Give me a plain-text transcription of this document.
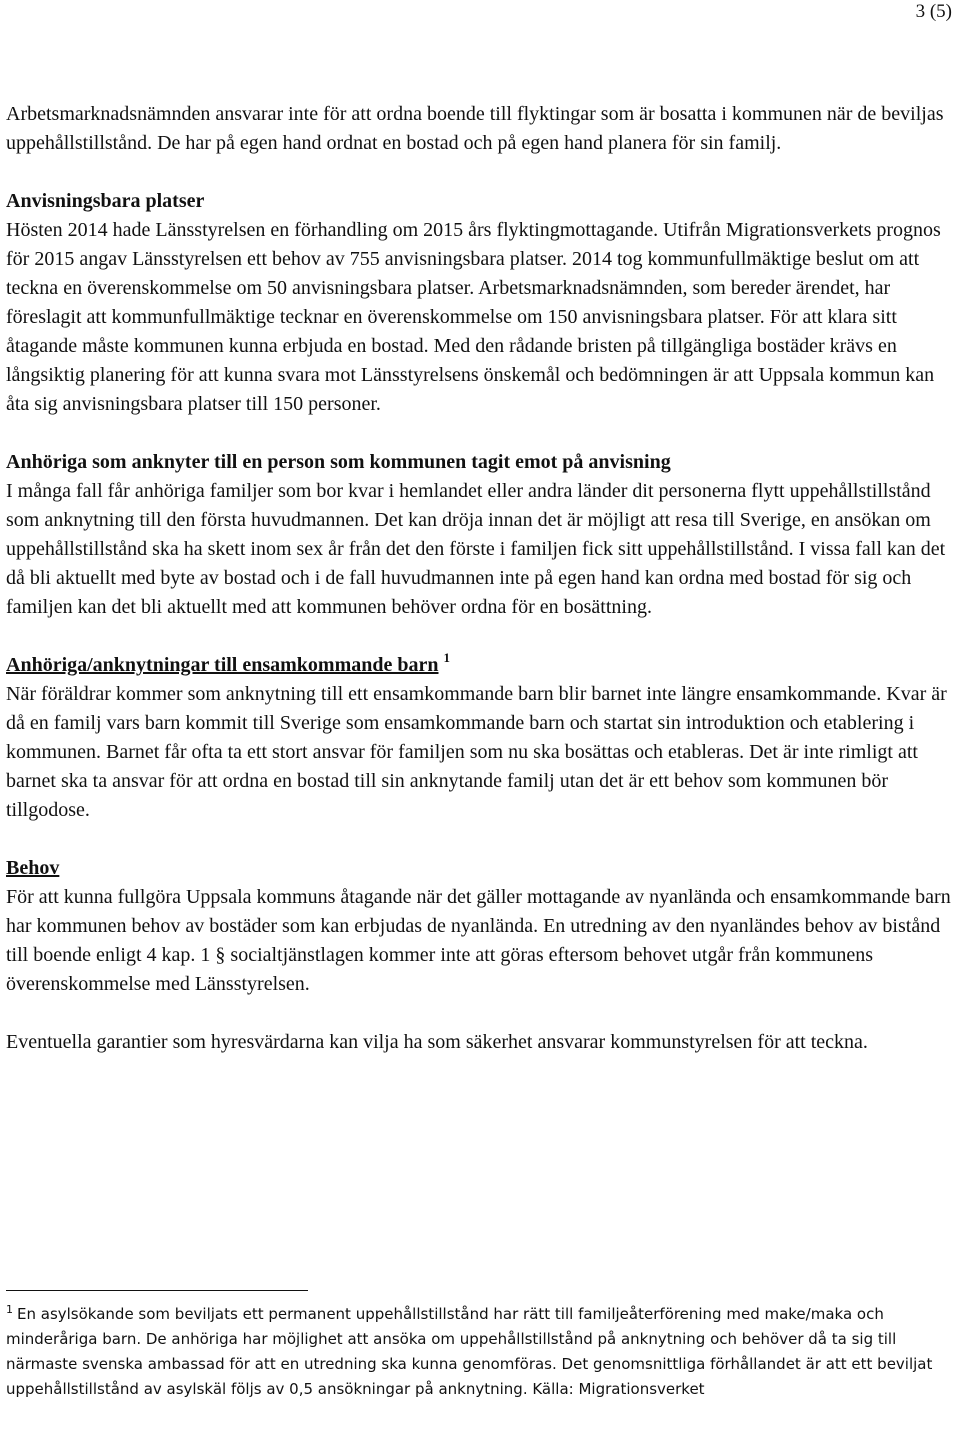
3 (5)

Arbetsmarknadsnämnden ansvarar inte för att ordna boende till flyktingar som är bosatta i kommunen när de beviljas uppehållstillstånd. De har på egen hand ordnat en bostad och på egen hand planera för sin familj.

Anvisningsbara platser

Hösten 2014 hade Länsstyrelsen en förhandling om 2015 års flyktingmottagande. Utifrån Migrationsverkets prognos för 2015 angav Länsstyrelsen ett behov av 755 anvisningsbara platser. 2014 tog kommunfullmäktige beslut om att teckna en överenskommelse om 50 anvisningsbara platser. Arbetsmarknadsnämnden, som bereder ärendet, har föreslagit att kommunfullmäktige tecknar en överenskommelse om 150 anvisningsbara platser. För att klara sitt åtagande måste kommunen kunna erbjuda en bostad. Med den rådande bristen på tillgängliga bostäder krävs en långsiktig planering för att kunna svara mot Länsstyrelsens önskemål och bedömningen är att Uppsala kommun kan åta sig anvisningsbara platser till 150 personer.

Anhöriga som anknyter till en person som kommunen tagit emot på anvisning

I många fall får anhöriga familjer som bor kvar i hemlandet eller andra länder dit personerna flytt uppehållstillstånd som anknytning till den första huvudmannen. Det kan dröja innan det är möjligt att resa till Sverige, en ansökan om uppehållstillstånd ska ha skett inom sex år från det den förste i familjen fick sitt uppehållstillstånd. I vissa fall kan det då bli aktuellt med byte av bostad och i de fall huvudmannen inte på egen hand kan ordna med bostad för sig och familjen kan det bli aktuellt med att kommunen behöver ordna för en bosättning.

Anhöriga/anknytningar till ensamkommande barn $^1$

När föräldrar kommer som anknytning till ett ensamkommande barn blir barnet inte längre ensamkommande. Kvar är då en familj vars barn kommit till Sverige som ensamkommande barn och startat sin introduktion och etablering i kommunen. Barnet får ofta ta ett stort ansvar för familjen som nu ska bosättas och etableras. Det är inte rimligt att barnet ska ta ansvar för att ordna en bostad till sin anknytande familj utan det är ett behov som kommunen bör tillgodose.

Behov

För att kunna fullgöra Uppsala kommuns åtagande när det gäller mottagande av nyanlända och ensamkommande barn har kommunen behov av bostäder som kan erbjudas de nyanlända. En utredning av den nyanländes behov av bistånd till boende enligt 4 kap. 1 § socialtjänstlagen kommer inte att göras eftersom behovet utgår från kommunens överenskommelse med Länsstyrelsen.

Eventuella garantier som hyresvärdarna kan vilja ha som säkerhet ansvarar kommunstyrelsen för att teckna.

$^1$ En asylsökande som beviljats ett permanent uppehållstillstånd har rätt till familjeåterförening med make/maka och minderåriga barn. De anhöriga har möjlighet att ansöka om uppehållstillstånd på anknytning och behöver då ta sig till närmaste svenska ambassad för att en utredning ska kunna genomföras. Det genomsnittliga förhållandet är att ett beviljat uppehållstillstånd av asylskäl följs av 0,5 ansökningar på anknytning. Källa: Migrationsverket
